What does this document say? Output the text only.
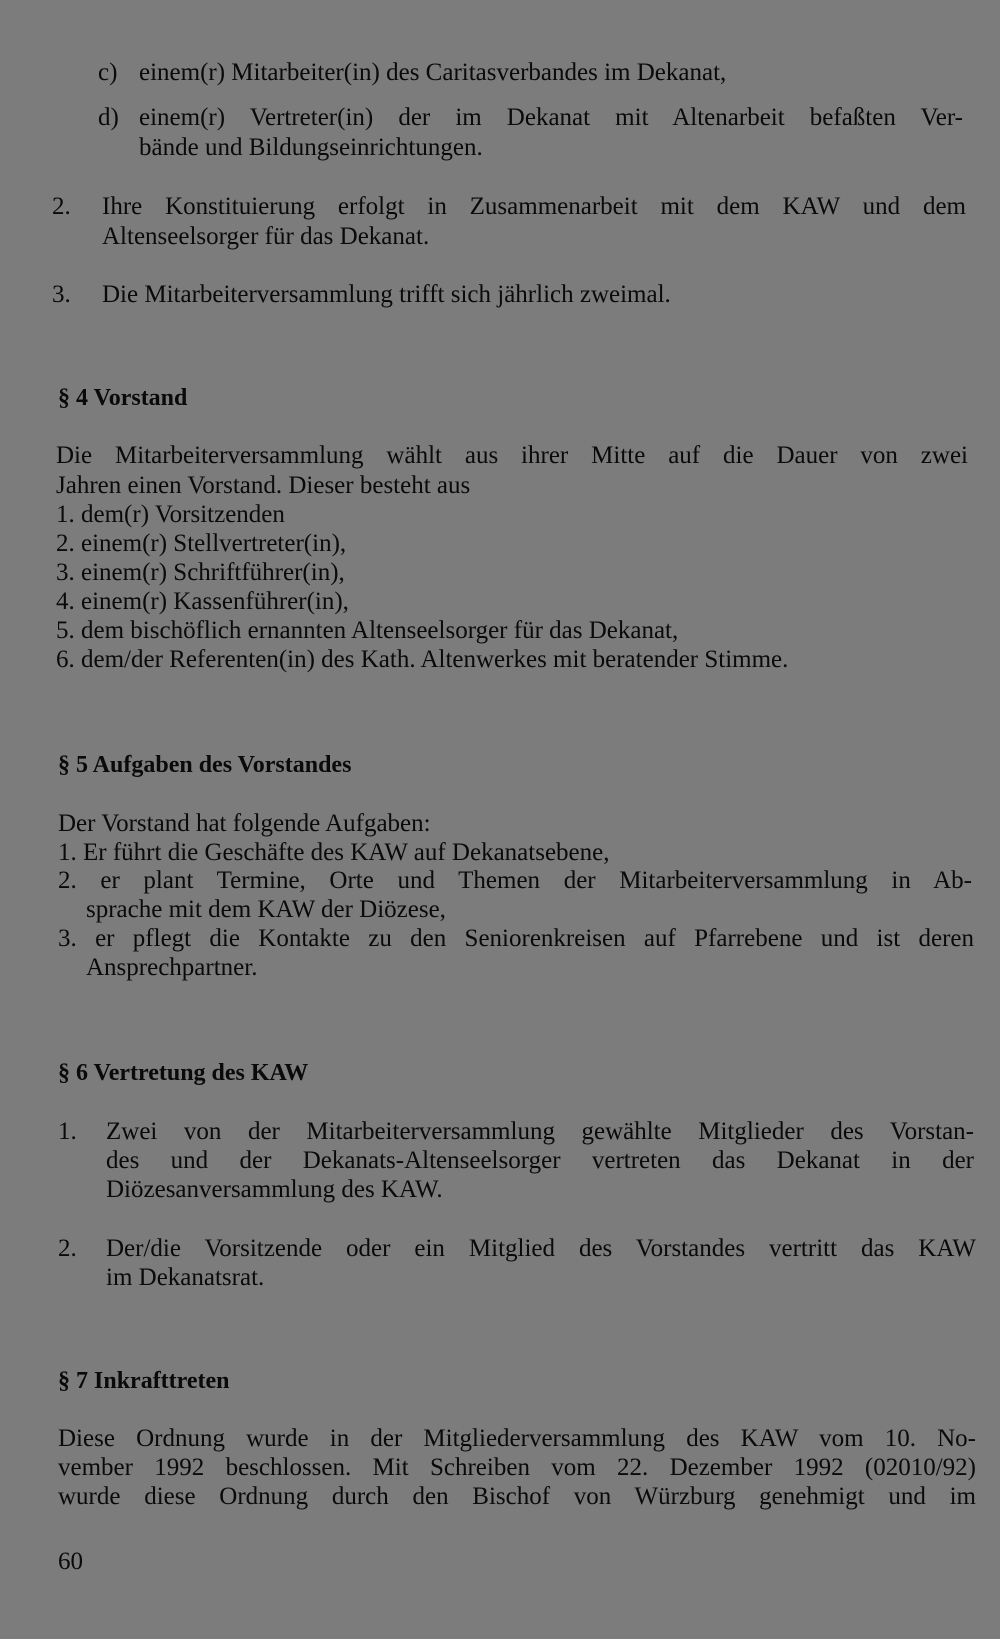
c) einem(r) Mitarbeiter(in) des Caritasverbandes im Dekanat,
d) einem(r) Vertreter(in) der im Dekanat mit Altenarbeit befaßten Ver-
bände und Bildungseinrichtungen.
2. Ihre Konstituierung erfolgt in Zusammenarbeit mit dem KAW und dem
Altenseelsorger für das Dekanat.
3. Die Mitarbeiterversammlung trifft sich jährlich zweimal.
§ 4 Vorstand
Die Mitarbeiterversammlung wählt aus ihrer Mitte auf die Dauer von zwei
Jahren einen Vorstand. Dieser besteht aus
1. dem(r) Vorsitzenden
2. einem(r) Stellvertreter(in),
3. einem(r) Schriftführer(in),
4. einem(r) Kassenführer(in),
5. dem bischöflich ernannten Altenseelsorger für das Dekanat,
6. dem/der Referenten(in) des Kath. Altenwerkes mit beratender Stimme.
§ 5 Aufgaben des Vorstandes
Der Vorstand hat folgende Aufgaben:
1. Er führt die Geschäfte des KAW auf Dekanatsebene,
2. er plant Termine, Orte und Themen der Mitarbeiterversammlung in Ab-
sprache mit dem KAW der Diözese,
3. er pflegt die Kontakte zu den Seniorenkreisen auf Pfarrebene und ist deren
Ansprechpartner.
§ 6 Vertretung des KAW
1. Zwei von der Mitarbeiterversammlung gewählte Mitglieder des Vorstan-
des und der Dekanats-Altenseelsorger vertreten das Dekanat in der
Diözesanversammlung des KAW.
2. Der/die Vorsitzende oder ein Mitglied des Vorstandes vertritt das KAW
im Dekanatsrat.
§ 7 Inkrafttreten
Diese Ordnung wurde in der Mitgliederversammlung des KAW vom 10. No-
vember 1992 beschlossen. Mit Schreiben vom 22. Dezember 1992 (02010/92)
wurde diese Ordnung durch den Bischof von Würzburg genehmigt und im
60
